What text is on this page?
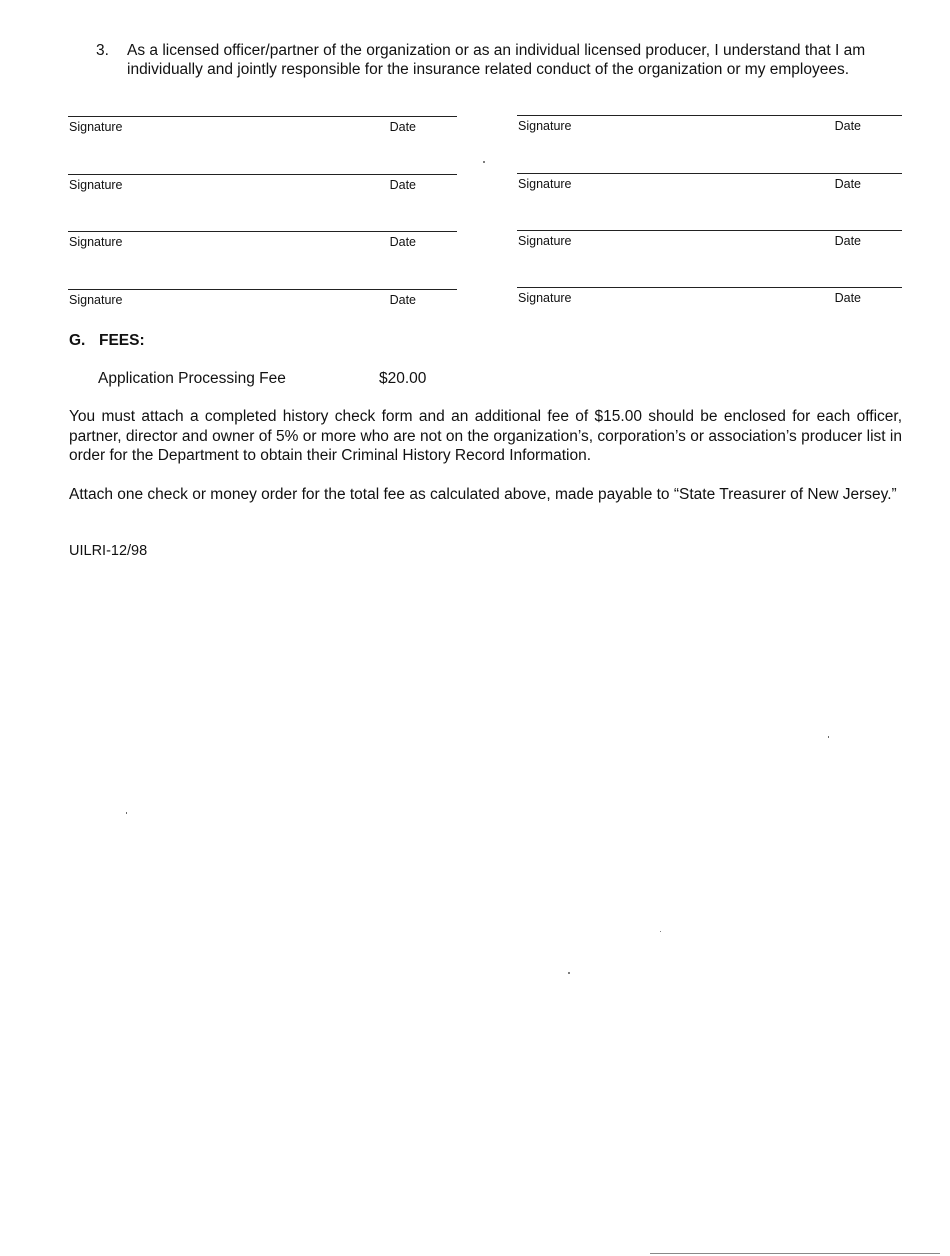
3. As a licensed officer/partner of the organization or as an individual licensed producer, I understand that I am individually and jointly responsible for the insurance related conduct of the organization or my employees.
Signature	Date	Signature	Date
Signature	Date	Signature	Date
Signature	Date	Signature	Date
Signature	Date	Signature	Date
G. FEES:
Application Processing Fee	$20.00
You must attach a completed history check form and an additional fee of $15.00 should be enclosed for each officer, partner, director and owner of 5% or more who are not on the organization’s, corporation’s or association’s producer list in order for the Department to obtain their Criminal History Record Information.
Attach one check or money order for the total fee as calculated above, made payable to “State Treasurer of New Jersey.”
UILRI-12/98
